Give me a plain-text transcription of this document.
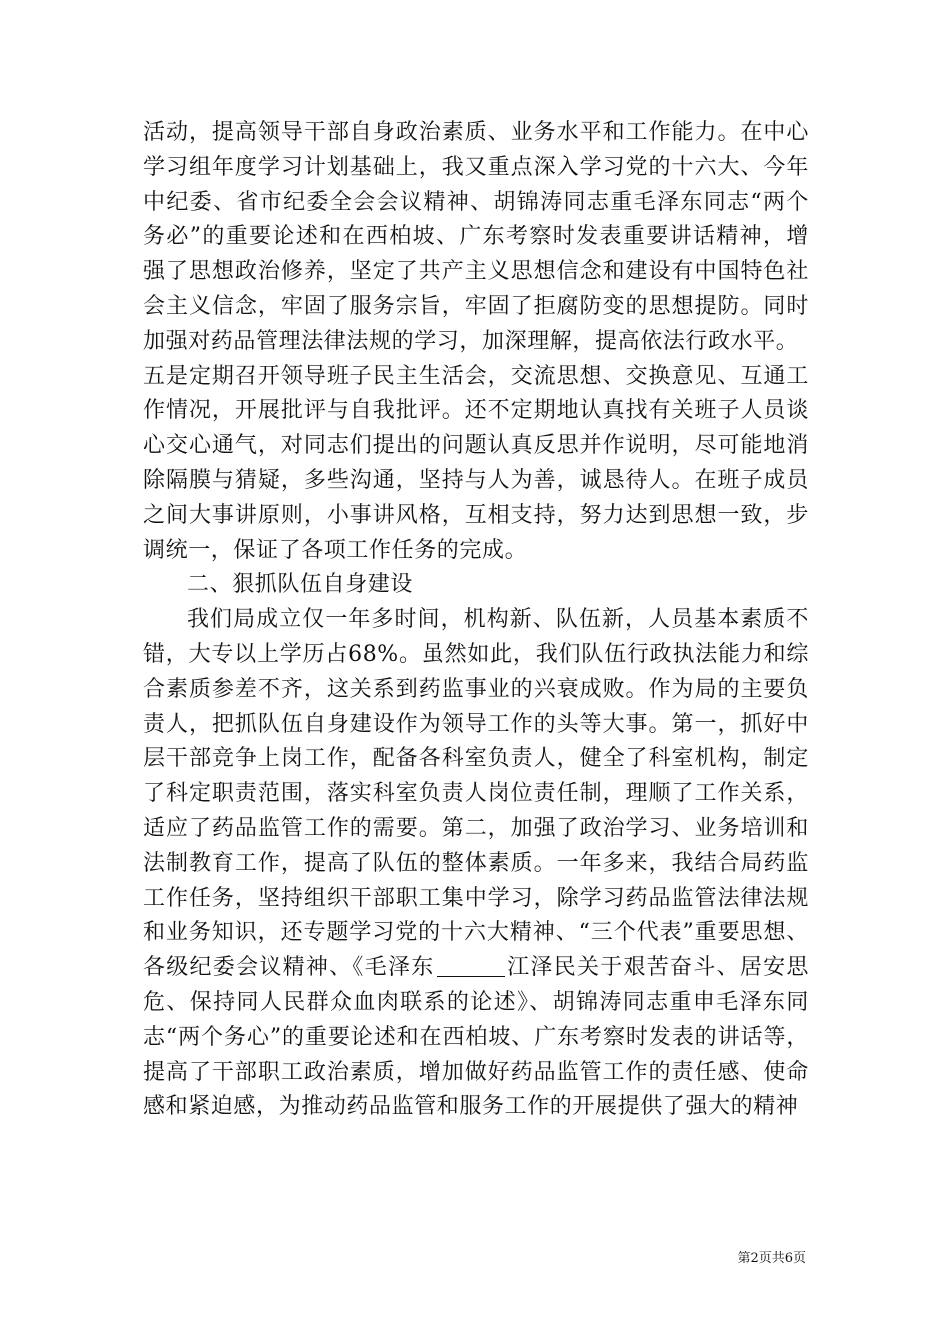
活动，提高领导干部自身政治素质、业务水平和工作能力。在中心学习组年度学习计划基础上，我又重点深入学习党的十六大、今年中纪委、省市纪委全会会议精神、胡锦涛同志重毛泽东同志“两个务必”的重要论述和在西柏坡、广东考察时发表重要讲话精神，增强了思想政治修养，坚定了共产主义思想信念和建设有中国特色社会主义信念，牢固了服务宗旨，牢固了拒腐防变的思想提防。同时加强对药品管理法律法规的学习，加深理解，提高依法行政水平。

五是定期召开领导班子民主生活会，交流思想、交换意见、互通工作情况，开展批评与自我批评。还不定期地认真找有关班子人员谈心交心通气，对同志们提出的问题认真反思并作说明，尽可能地消除隔膜与猜疑，多些沟通，坚持与人为善，诚恳待人。在班子成员之间大事讲原则，小事讲风格，互相支持，努力达到思想一致，步调统一，保证了各项工作任务的完成。

二、狠抓队伍自身建设

我们局成立仅一年多时间，机构新、队伍新，人员基本素质不错，大专以上学历占68%。虽然如此，我们队伍行政执法能力和综合素质参差不齐，这关系到药监事业的兴衰成败。作为局的主要负责人，把抓队伍自身建设作为领导工作的头等大事。第一，抓好中层干部竞争上岗工作，配备各科室负责人，健全了科室机构，制定了科定职责范围，落实科室负责人岗位责任制，理顺了工作关系，适应了药品监管工作的需要。第二，加强了政治学习、业务培训和法制教育工作，提高了队伍的整体素质。一年多来，我结合局药监工作任务，坚持组织干部职工集中学习，除学习药品监管法律法规和业务知识，还专题学习党的十六大精神、“三个代表”重要思想、各级纪委会议精神、《毛泽东	江泽民关于艰苦奋斗、居安思危、保持同人民群众血肉联系的论述》、胡锦涛同志重申毛泽东同志“两个务心”的重要论述和在西柏坡、广东考察时发表的讲话等，提高了干部职工政治素质，增加做好药品监管工作的责任感、使命感和紧迫感，为推动药品监管和服务工作的开展提供了强大的精神

第2页共6页
